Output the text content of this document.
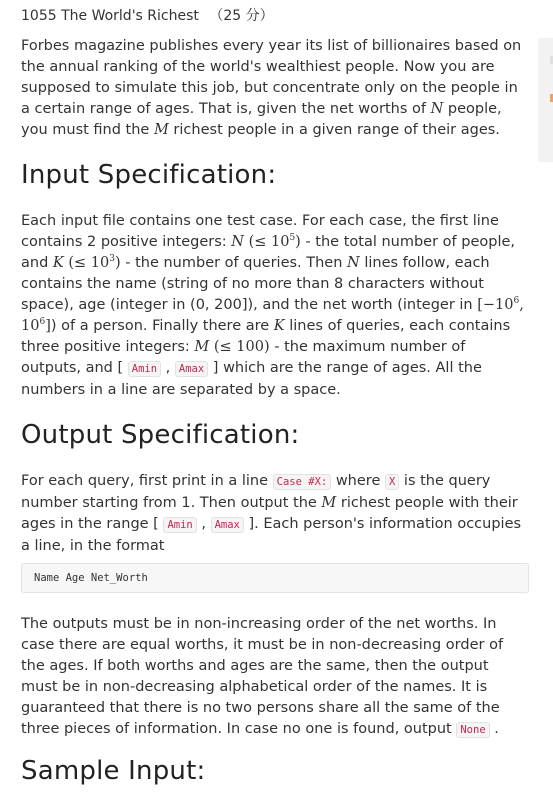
1055 The World's Richest （25 分）

Forbes magazine publishes every year its list of billionaires based on the annual ranking of the world's wealthiest people. Now you are supposed to simulate this job, but concentrate only on the people in a certain range of ages. That is, given the net worths of N people, you must find the M richest people in a given range of their ages.

Input Specification:

Each input file contains one test case. For each case, the first line contains 2 positive integers: N (≤ $10^5$) - the total number of people, and K (≤ $10^3$) - the number of queries. Then N lines follow, each contains the name (string of no more than 8 characters without space), age (integer in (0, 200]), and the net worth (integer in [$-10^6$, $10^6$]) of a person. Finally there are K lines of queries, each contains three positive integers: M (≤ 100) - the maximum number of outputs, and [ Amin , Amax ] which are the range of ages. All the numbers in a line are separated by a space.

Output Specification:

For each query, first print in a line Case #X: where X is the query number starting from 1. Then output the M richest people with their ages in the range [ Amin , Amax ]. Each person's information occupies a line, in the format

Name Age Net_Worth

The outputs must be in non-increasing order of the net worths. In case there are equal worths, it must be in non-decreasing order of the ages. If both worths and ages are the same, then the output must be in non-decreasing alphabetical order of the names. It is guaranteed that there is no two persons share all the same of the three pieces of information. In case no one is found, output None .

Sample Input:
